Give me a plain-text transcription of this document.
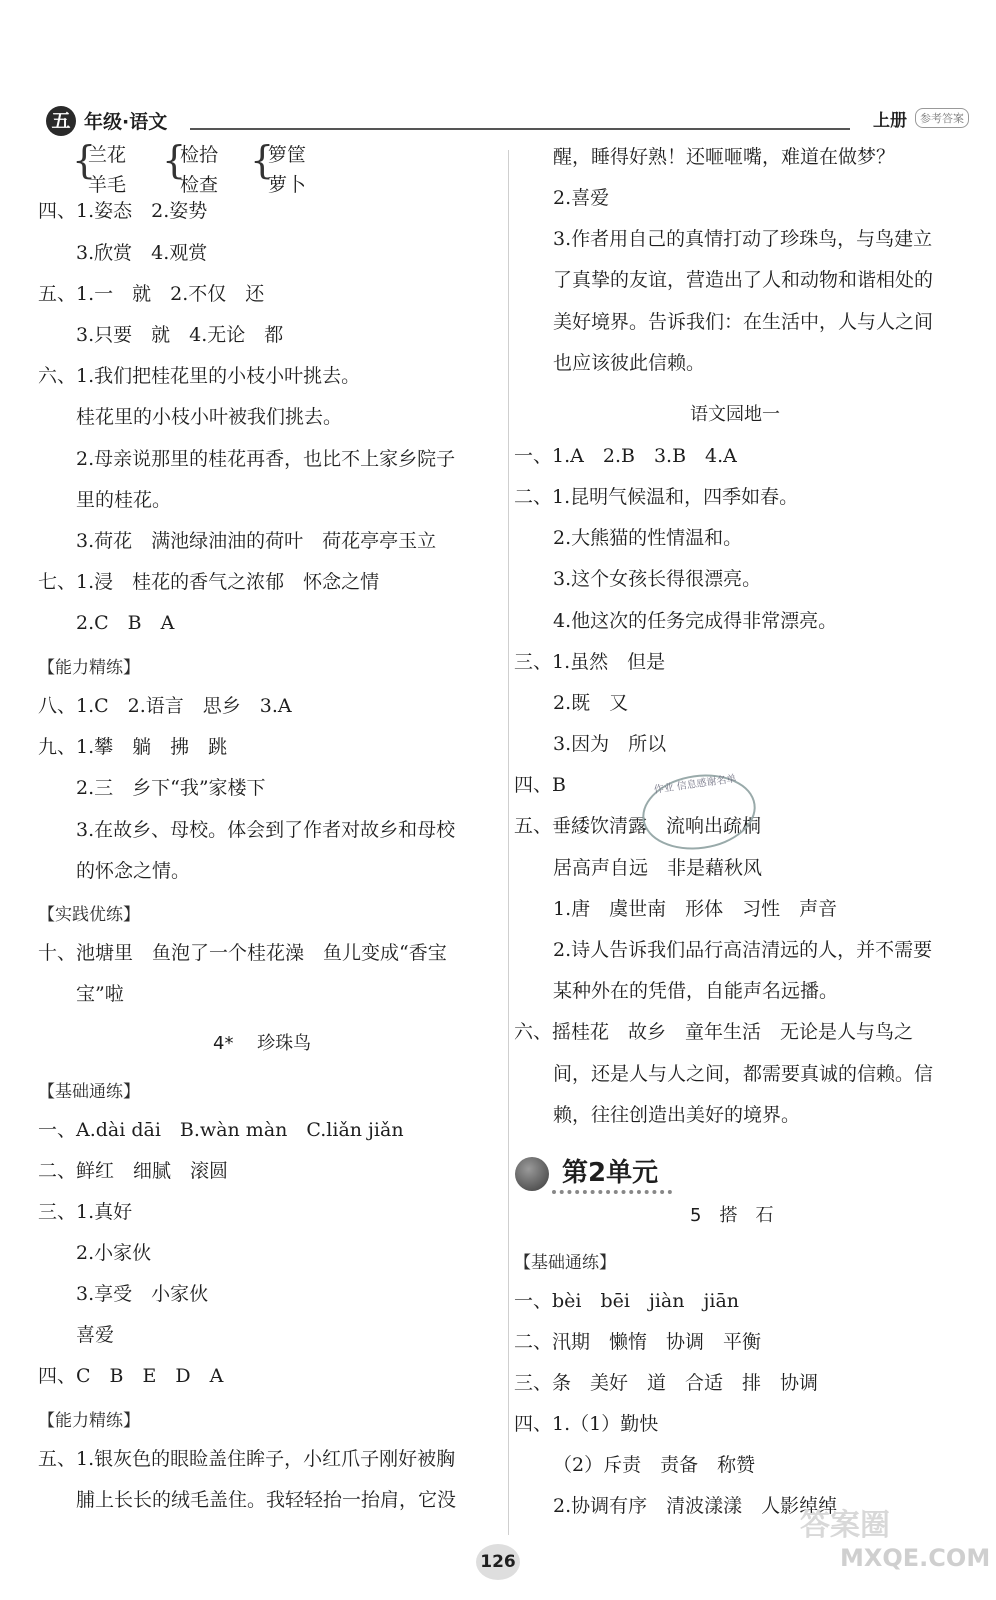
五 年级·语文	上册	参考答案
{ { {
兰花
羊毛
检拾
检查
箩筐
萝卜
四、1.姿态　2.姿势
3.欣赏　4.观赏
五、1.一　就　2.不仅　还
3.只要　就　4.无论　都
六、1.我们把桂花里的小枝小叶挑去。
桂花里的小枝小叶被我们挑去。
2.母亲说那里的桂花再香，也比不上家乡院子
里的桂花。
3.荷花　满池绿油油的荷叶　荷花亭亭玉立
七、1.浸　桂花的香气之浓郁　怀念之情
2.C　B　A
八、1.C　2.语言　思乡　3.A
九、1.攀　躺　拂　跳
2.三　乡下“我”家楼下
3.在故乡、母校。体会到了作者对故乡和母校
的怀念之情。
十、池塘里　鱼泡了一个桂花澡　鱼儿变成“香宝
宝”啦
一、A.dài dāi　B.wàn màn　C.liǎn jiǎn
二、鲜红　细腻　滚圆
三、1.真好
2.小家伙
3.享受　小家伙
喜爱
四、C　B　E　D　A
五、1.银灰色的眼睑盖住眸子，小红爪子刚好被胸
脯上长长的绒毛盖住。我轻轻抬一抬肩，它没
醒，睡得好熟！还咂咂嘴，难道在做梦？
2.喜爱
3.作者用自己的真情打动了珍珠鸟，与鸟建立
了真挚的友谊，营造出了人和动物和谐相处的
美好境界。告诉我们：在生活中，人与人之间
也应该彼此信赖。
一、1.A　2.B　3.B　4.A
二、1.昆明气候温和，四季如春。
2.大熊猫的性情温和。
3.这个女孩长得很漂亮。
4.他这次的任务完成得非常漂亮。
三、1.虽然　但是
2.既　又
3.因为　所以
四、B
五、垂緌饮清露　流响出疏桐
居高声自远　非是藉秋风
1.唐　虞世南　形体　习性　声音
2.诗人告诉我们品行高洁清远的人，并不需要
某种外在的凭借，自能声名远播。
六、摇桂花　故乡　童年生活　无论是人与鸟之
间，还是人与人之间，都需要真诚的信赖。信
赖，往往创造出美好的境界。
一、bèi　bēi　jiàn　jiān
二、汛期　懒惰　协调　平衡
三、条　美好　道　合适　排　协调
四、1.（1）勤快
（2）斥责　责备　称赞
2.协调有序　清波漾漾　人影绰绰
【能力精练】
【实践优练】
【基础通练】
【能力精练】
【基础通练】
4* 　珍珠鸟
语文园地一
5　搭　石
作业 信息感谢名单
第2单元
126
答案圈
MXQE.COM
